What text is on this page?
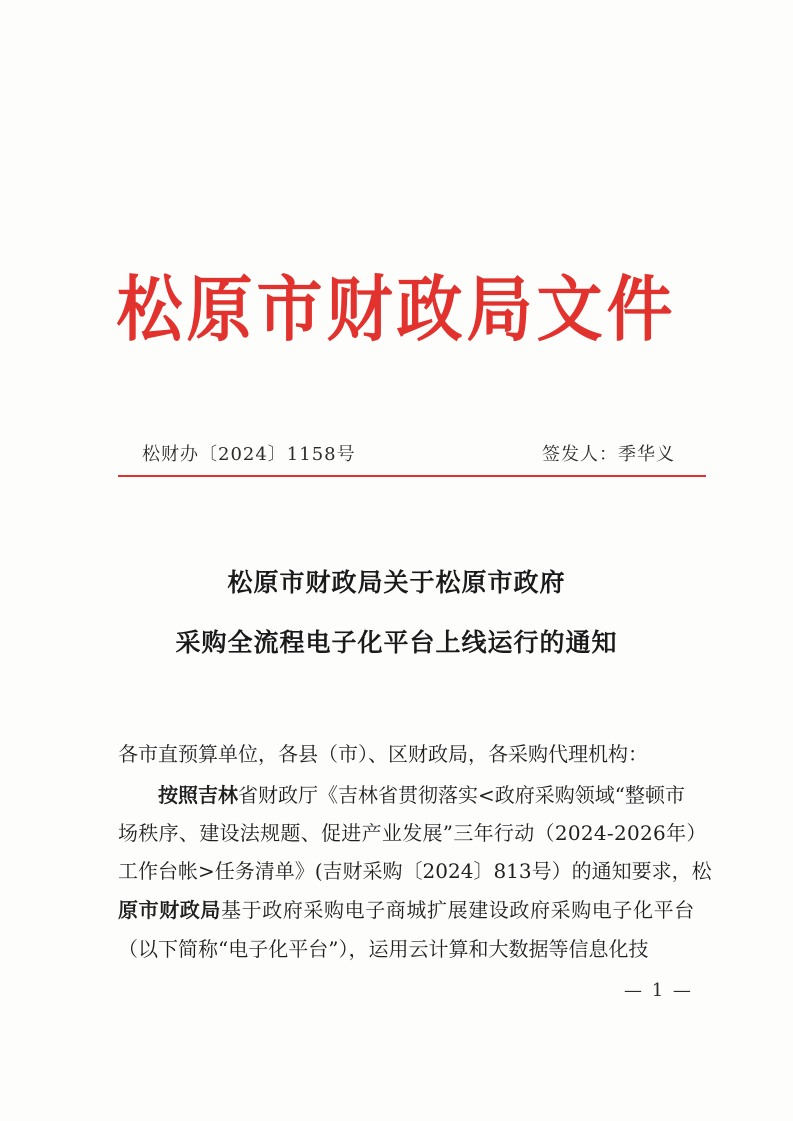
松原市财政局文件
松财办〔2024〕1158号	签发人：季华义
松原市财政局关于松原市政府
采购全流程电子化平台上线运行的通知
各市直预算单位，各县（市）、区财政局，各采购代理机构：
按照吉林省财政厅《吉林省贯彻落实<政府采购领域“整顿市
场秩序、建设法规题、促进产业发展”三年行动（2024-2026年）
工作台帐>任务清单》(吉财采购〔2024〕813号）的通知要求，松
原市财政局基于政府采购电子商城扩展建设政府采购电子化平台
（以下简称“电子化平台”），运用云计算和大数据等信息化技
— 1 —
